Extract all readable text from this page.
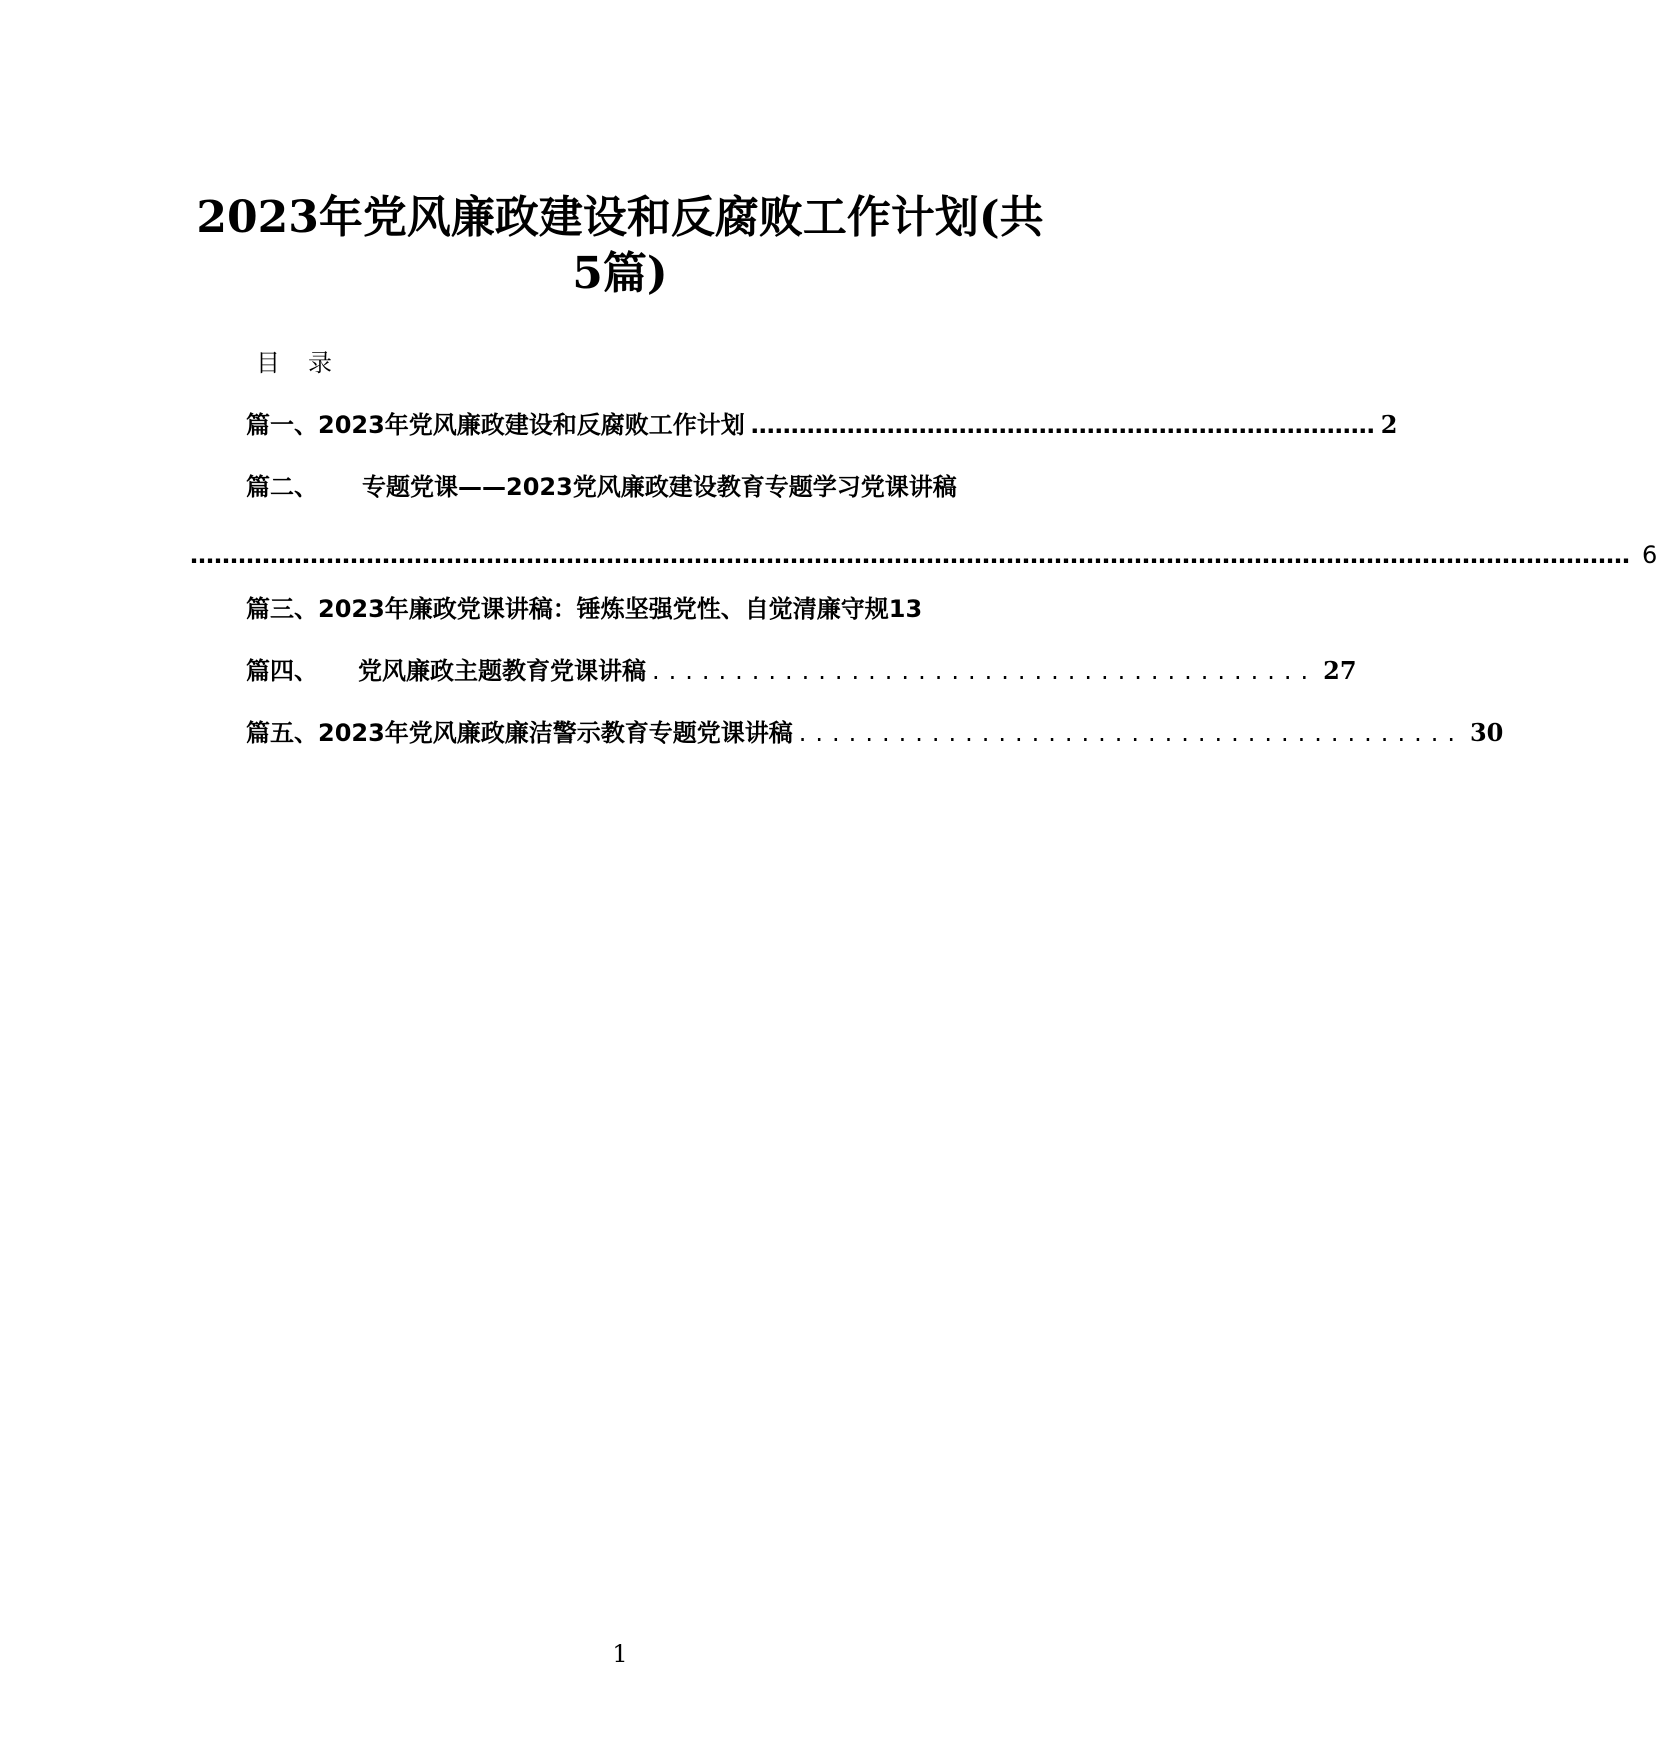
2023年党风廉政建设和反腐败工作计划(共
5篇)
目录
篇一、2023年党风廉政建设和反腐败工作计划 …………………………………………………………………… 2
篇二、 专题党课——2023党风廉政建设教育专题学习党课讲稿
……………………………………………………………………………………………………………………………………………………………… 6
篇三、2023年廉政党课讲稿：锤炼坚强党性、自觉清廉守规 13
篇四、 党风廉政主题教育党课讲稿 ........................................ 27
篇五、2023年党风廉政廉洁警示教育专题党课讲稿 ........................................ 30
1
